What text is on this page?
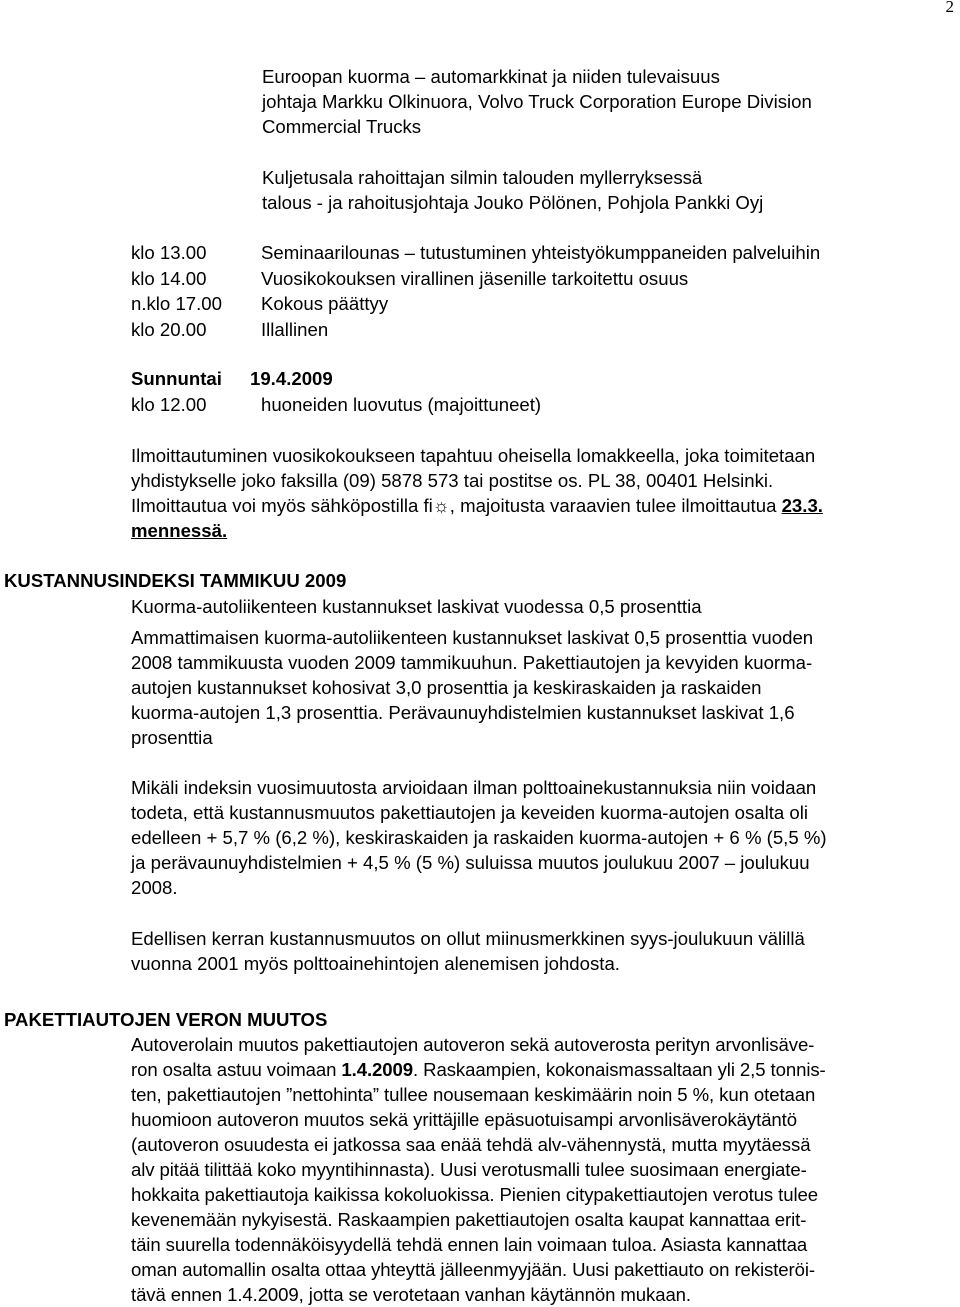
2

Euroopan kuorma – automarkkinat ja niiden tulevaisuus

johtaja Markku Olkinuora, Volvo Truck Corporation Europe Division

Commercial Trucks

Kuljetusala rahoittajan silmin talouden myllerryksessä

talous - ja rahoitusjohtaja Jouko Pölönen, Pohjola Pankki Oyj

klo 13.00	Seminaarilounas – tutustuminen yhteistyökumppaneiden palveluihin
klo 14.00	Vuosikokouksen virallinen jäsenille tarkoitettu osuus
n.klo 17.00 Kokous päättyy
klo 20.00	Illallinen
Sunnuntai 19.4.2009
klo 12.00	huoneiden luovutus (majoittuneet)

Ilmoittautuminen vuosikokoukseen tapahtuu oheisella lomakkeella, joka toimitetaan

yhdistykselle joko faksilla (09) 5878 573 tai postitse os. PL 38, 00401 Helsinki.

Ilmoittautua voi myös sähköpostilla fi☼, majoitusta varaavien tulee ilmoittautua 23.3.

mennessä.

KUSTANNUSINDEKSI TAMMIKUU 2009
Kuorma-autoliikenteen kustannukset laskivat vuodessa 0,5 prosenttia

Ammattimaisen kuorma-autoliikenteen kustannukset laskivat 0,5 prosenttia vuoden

2008 tammikuusta vuoden 2009 tammikuuhun. Pakettiautojen ja kevyiden kuorma-

autojen kustannukset kohosivat 3,0 prosenttia ja keskiraskaiden ja raskaiden

kuorma-autojen 1,3 prosenttia. Perävaunuyhdistelmien kustannukset laskivat 1,6

prosenttia

Mikäli indeksin vuosimuutosta arvioidaan ilman polttoainekustannuksia niin voidaan

todeta, että kustannusmuutos pakettiautojen ja keveiden kuorma-autojen osalta oli

edelleen + 5,7 % (6,2 %), keskiraskaiden ja raskaiden kuorma-autojen + 6 % (5,5 %)

ja perävaunuyhdistelmien + 4,5 % (5 %) suluissa muutos joulukuu 2007 – joulukuu

2008.

Edellisen kerran kustannusmuutos on ollut miinusmerkkinen syys-joulukuun välillä

vuonna 2001 myös polttoainehintojen alenemisen johdosta.

PAKETTIAUTOJEN VERON MUUTOS

Autoverolain muutos pakettiautojen autoveron sekä autoverosta perityn arvonlisäve-

ron osalta astuu voimaan 1.4.2009. Raskaampien, kokonaismassaltaan yli 2,5 tonnis-

ten, pakettiautojen ”nettohinta” tullee nousemaan keskimäärin noin 5 %, kun otetaan

huomioon autoveron muutos sekä yrittäjille epäsuotuisampi arvonlisäverokäytäntö

(autoveron osuudesta ei jatkossa saa enää tehdä alv-vähennystä, mutta myytäessä

alv pitää tilittää koko myyntihinnasta). Uusi verotusmalli tulee suosimaan energiate-

hokkaita pakettiautoja kaikissa kokoluokissa. Pienien citypakettiautojen verotus tulee

kevenemään nykyisestä. Raskaampien pakettiautojen osalta kaupat kannattaa erit-

täin suurella todennäköisyydellä tehdä ennen lain voimaan tuloa. Asiasta kannattaa

oman automallin osalta ottaa yhteyttä jälleenmyyjään. Uusi pakettiauto on rekisteröi-

tävä ennen 1.4.2009, jotta se verotetaan vanhan käytännön mukaan.
